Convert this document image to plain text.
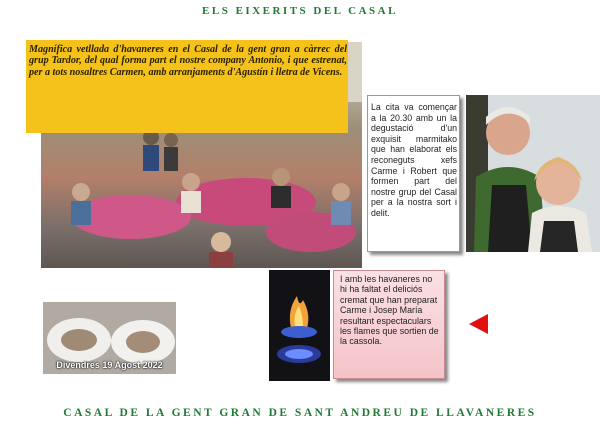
ELS EIXERITS DEL CASAL
Magnífica vetllada d'havaneres en el Casal de la gent gran a càrrec del grup Tardor, del qual forma part el nostre company Antonio, i que estrenat, per a tots nosaltres Carmen, amb arranjaments d'Agustín i lletra de Vicens.
La cita va començar a la 20.30 amb un la degustació d'un exquisit marmitako que han elaborat els reconeguts xefs Carme i Robert que formen part del nostre grup del Casal per a la nostra sort i delit.
Divendres 19 Agost 2022
I amb les havaneres no hi ha faltat el deliciós cremat que han preparat Carme i Josep María resultant espectaculars les flames que sortien de la cassola.
CASAL DE LA GENT GRAN DE SANT ANDREU DE LLAVANERES
